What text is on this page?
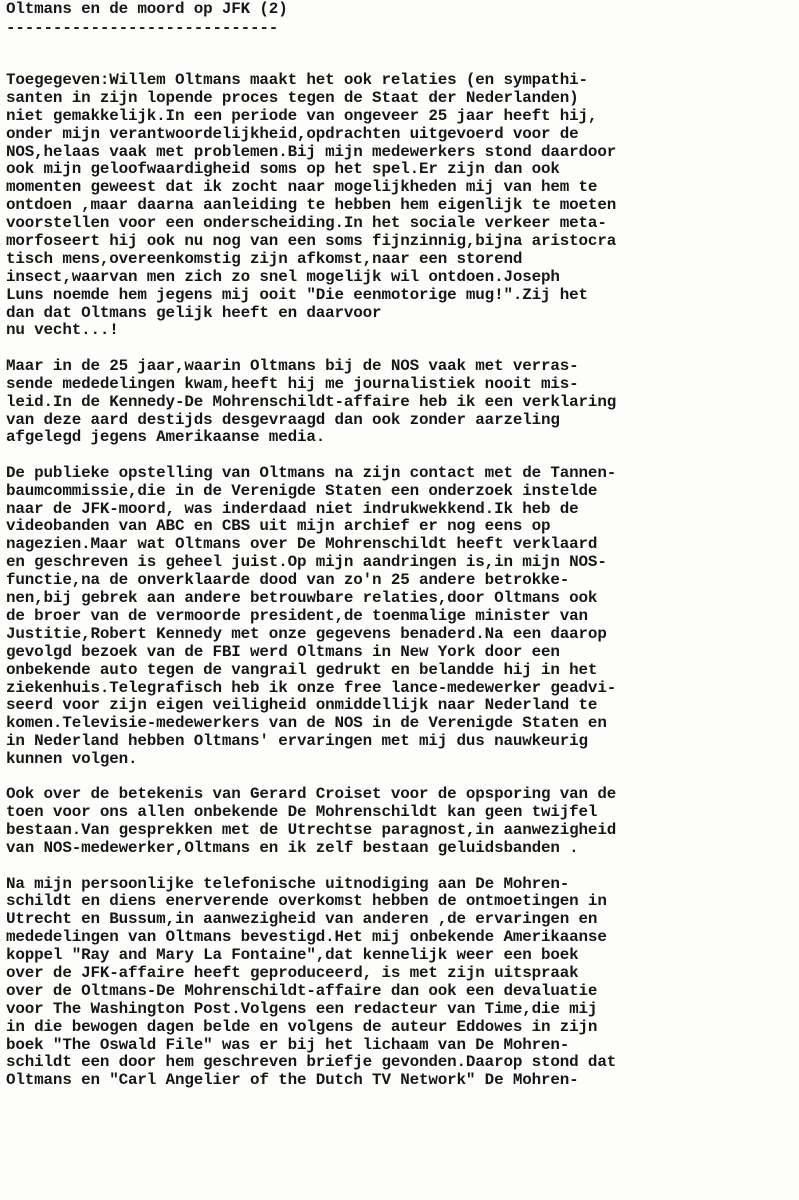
Oltmans en de moord op JFK (2)
-----------------------------
Toegegeven:Willem Oltmans maakt het ook relaties (en sympathi-
santen in zijn lopende proces tegen de Staat der Nederlanden)
niet gemakkelijk.In een periode van ongeveer 25 jaar heeft hij,
onder mijn verantwoordelijkheid,opdrachten uitgevoerd voor de
NOS,helaas vaak met problemen.Bij mijn medewerkers stond daardoor
ook mijn geloofwaardigheid soms op het spel.Er zijn dan ook
momenten geweest dat ik zocht naar mogelijkheden mij van hem te
ontdoen ,maar daarna aanleiding te hebben hem eigenlijk te moeten
voorstellen voor een onderscheiding.In het sociale verkeer meta-
morfoseert hij ook nu nog van een soms fijnzinnig,bijna aristocra
tisch mens,overeenkomstig zijn afkomst,naar een storend
insect,waarvan men zich zo snel mogelijk wil ontdoen.Joseph
Luns noemde hem jegens mij ooit "Die eenmotorige mug!".Zij het
dan dat Oltmans gelijk heeft en daarvoor
nu vecht...!
Maar in de 25 jaar,waarin Oltmans bij de NOS vaak met verras-
sende mededelingen kwam,heeft hij me journalistiek nooit mis-
leid.In de Kennedy-De Mohrenschildt-affaire heb ik een verklaring
van deze aard destijds desgevraagd dan ook zonder aarzeling
afgelegd jegens Amerikaanse media.
De publieke opstelling van Oltmans na zijn contact met de Tannen-
baumcommissie,die in de Verenigde Staten een onderzoek instelde
naar de JFK-moord, was inderdaad niet indrukwekkend.Ik heb de
videobanden van ABC en CBS uit mijn archief er nog eens op
nagezien.Maar wat Oltmans over De Mohrenschildt heeft verklaard
en geschreven is geheel juist.Op mijn aandringen is,in mijn NOS-
functie,na de onverklaarde dood van zo'n 25 andere betrokke-
nen,bij gebrek aan andere betrouwbare relaties,door Oltmans ook
de broer van de vermoorde president,de toenmalige minister van
Justitie,Robert Kennedy met onze gegevens benaderd.Na een daarop
gevolgd bezoek van de FBI werd Oltmans in New York door een
onbekende auto tegen de vangrail gedrukt en belandde hij in het
ziekenhuis.Telegrafisch heb ik onze free lance-medewerker geadvi-
seerd voor zijn eigen veiligheid onmiddellijk naar Nederland te
komen.Televisie-medewerkers van de NOS in de Verenigde Staten en
in Nederland hebben Oltmans' ervaringen met mij dus nauwkeurig
kunnen volgen.
Ook over de betekenis van Gerard Croiset voor de opsporing van de
toen voor ons allen onbekende De Mohrenschildt kan geen twijfel
bestaan.Van gesprekken met de Utrechtse paragnost,in aanwezigheid
van NOS-medewerker,Oltmans en ik zelf bestaan geluidsbanden .
Na mijn persoonlijke telefonische uitnodiging aan De Mohren-
schildt en diens enerverende overkomst hebben de ontmoetingen in
Utrecht en Bussum,in aanwezigheid van anderen ,de ervaringen en
mededelingen van Oltmans bevestigd.Het mij onbekende Amerikaanse
koppel "Ray and Mary La Fontaine",dat kennelijk weer een boek
over de JFK-affaire heeft geproduceerd, is met zijn uitspraak
over de Oltmans-De Mohrenschildt-affaire dan ook een devaluatie
voor The Washington Post.Volgens een redacteur van Time,die mij
in die bewogen dagen belde en volgens de auteur Eddowes in zijn
boek "The Oswald File" was er bij het lichaam van De Mohren-
schildt een door hem geschreven briefje gevonden.Daarop stond dat
Oltmans en "Carl Angelier of the Dutch TV Network" De Mohren-
